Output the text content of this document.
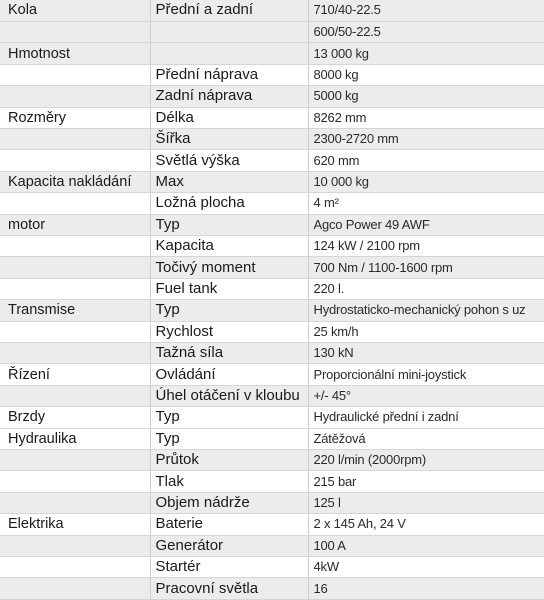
Kola	Přední a zadní	710/40-22.5
		600/50-22.5
Hmotnost		13 000 kg
	Přední náprava	8000 kg
	Zadní náprava	5000 kg
Rozměry	Délka	8262 mm
	Šířka	2300-2720 mm
	Světlá výška	620 mm
Kapacita nakládání	Max	10 000 kg
	Ložná plocha	4 m²
motor	Typ	Agco Power 49 AWF
	Kapacita	124 kW / 2100 rpm
	Točivý moment	700 Nm / 1100-1600 rpm
	Fuel tank	220 l.
Transmise	Typ	Hydrostaticko-mechanický pohon s uz
	Rychlost	25 km/h
	Tažná síla	130 kN
Řízení	Ovládání	Proporcionální mini-joystick
	Úhel otáčení v kloubu	+/- 45°
Brzdy	Typ	Hydraulické přední i zadní
Hydraulika	Typ	Zátěžová
	Průtok	220 l/min (2000rpm)
	Tlak	215 bar
	Objem nádrže	125 l
Elektrika	Baterie	2 x 145 Ah, 24 V
	Generátor	100 A
	Startér	4kW
	Pracovní světla	16
